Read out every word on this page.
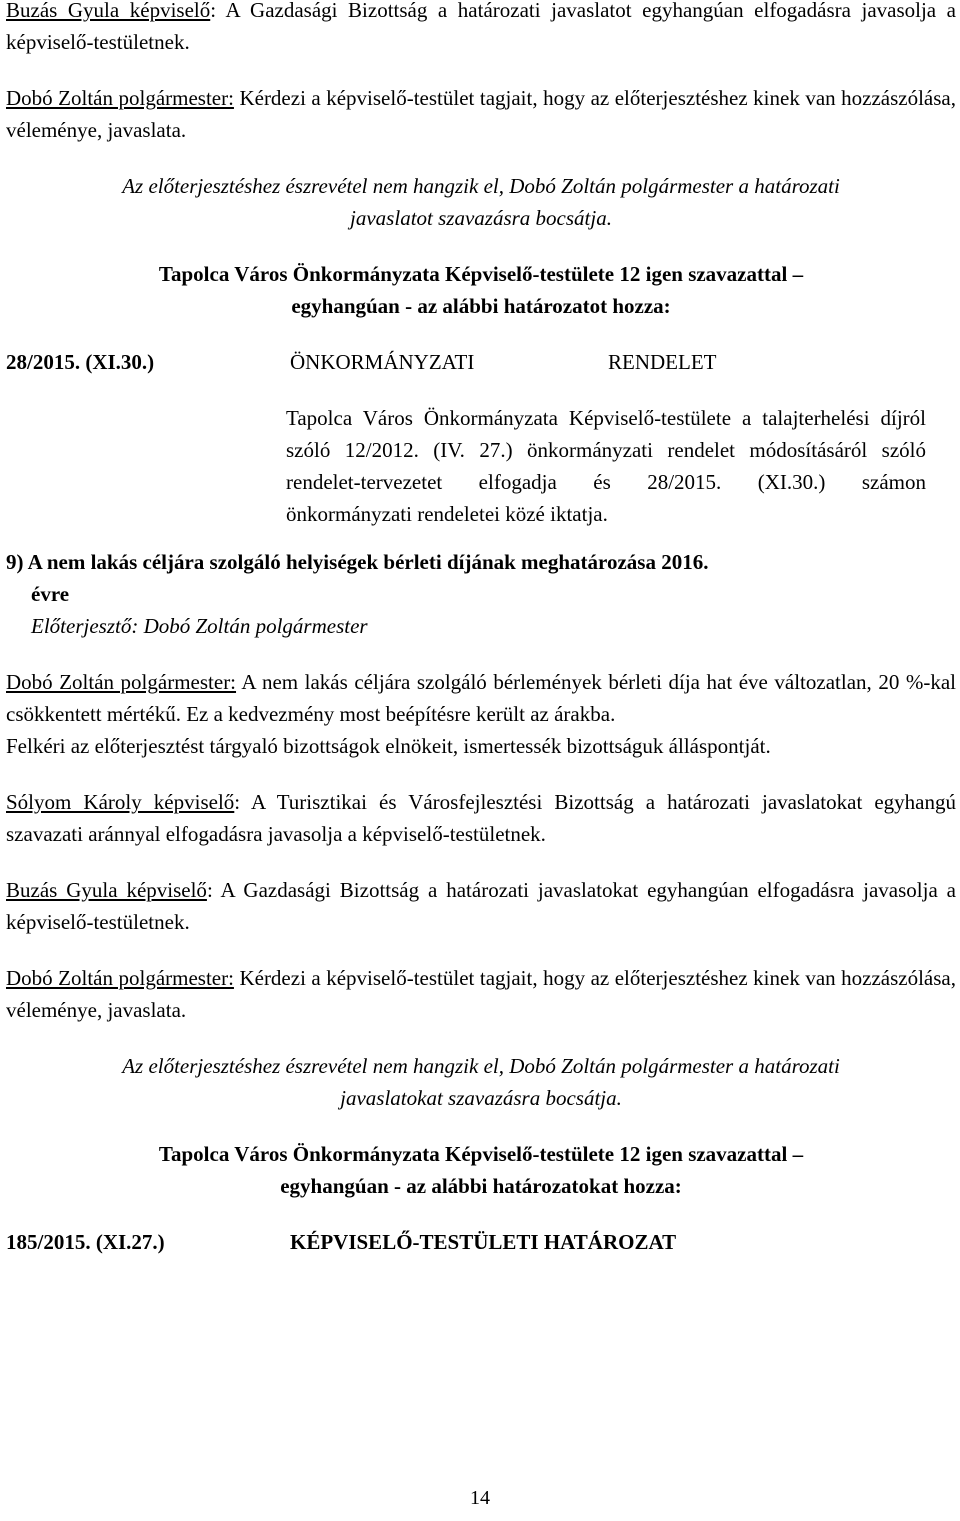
Buzás Gyula képviselő: A Gazdasági Bizottság a határozati javaslatot egyhangúan elfogadásra javasolja a képviselő-testületnek.

Dobó Zoltán polgármester: Kérdezi a képviselő-testület tagjait, hogy az előterjesztéshez kinek van hozzászólása, véleménye, javaslata.

Az előterjesztéshez észrevétel nem hangzik el, Dobó Zoltán polgármester a határozati
javaslatot szavazásra bocsátja.
Tapolca Város Önkormányzata Képviselő-testülete 12 igen szavazattal –
egyhangúan - az alábbi határozatot hozza:
28/2015. (XI.30.)	ÖNKORMÁNYZATI	RENDELET
Tapolca Város Önkormányzata Képviselő-testülete a talajterhelési díjról szóló 12/2012. (IV. 27.) önkormányzati rendelet módosításáról szóló rendelet-tervezetet elfogadja és 28/2015. (XI.30.) számon
önkormányzati rendeletei közé iktatja.
9) A nem lakás céljára szolgáló helyiségek bérleti díjának meghatározása 2016.
évre
Előterjesztő: Dobó Zoltán polgármester

Dobó Zoltán polgármester: A nem lakás céljára szolgáló bérlemények bérleti díja hat éve változatlan, 20 %-kal csökkentett mértékű. Ez a kedvezmény most beépítésre került az árakba.

Felkéri az előterjesztést tárgyaló bizottságok elnökeit, ismertessék bizottságuk álláspontját.

Sólyom Károly képviselő: A Turisztikai és Városfejlesztési Bizottság a határozati javaslatokat egyhangú szavazati aránnyal elfogadásra javasolja a képviselő-testületnek.

Buzás Gyula képviselő: A Gazdasági Bizottság a határozati javaslatokat egyhangúan elfogadásra javasolja a képviselő-testületnek.

Dobó Zoltán polgármester: Kérdezi a képviselő-testület tagjait, hogy az előterjesztéshez kinek van hozzászólása, véleménye, javaslata.

Az előterjesztéshez észrevétel nem hangzik el, Dobó Zoltán polgármester a határozati
javaslatokat szavazásra bocsátja.
Tapolca Város Önkormányzata Képviselő-testülete 12 igen szavazattal –
egyhangúan - az alábbi határozatokat hozza:
185/2015. (XI.27.)	KÉPVISELŐ-TESTÜLETI HATÁROZAT
14
